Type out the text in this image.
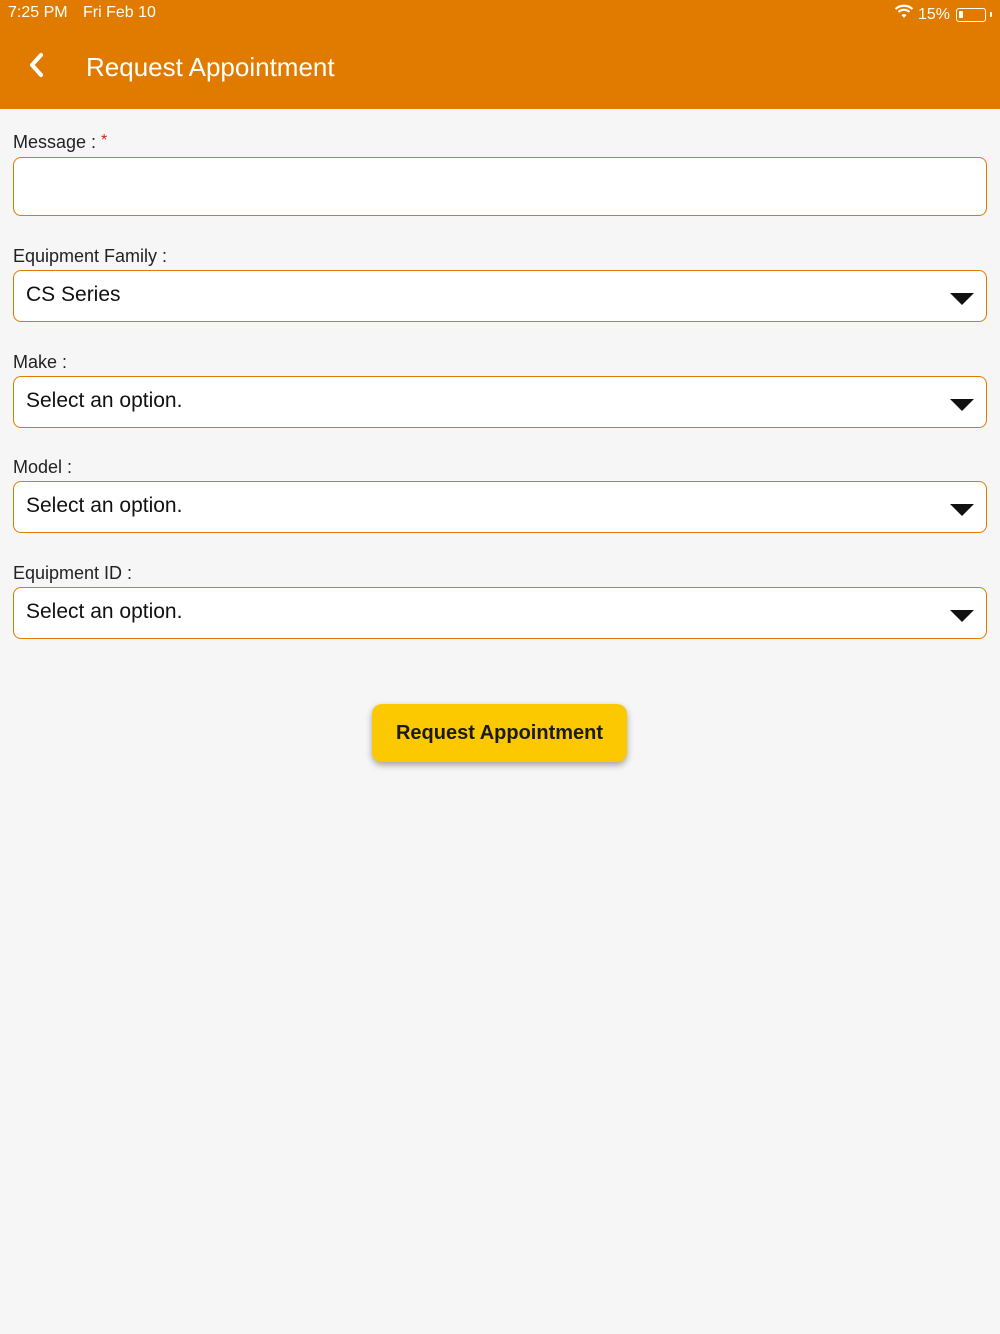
7:25 PM Fri Feb 10	15%
Request Appointment
Message : *
Equipment Family :
CS Series
Make :
Select an option.
Model :
Select an option.
Equipment ID :
Select an option.
Request Appointment
